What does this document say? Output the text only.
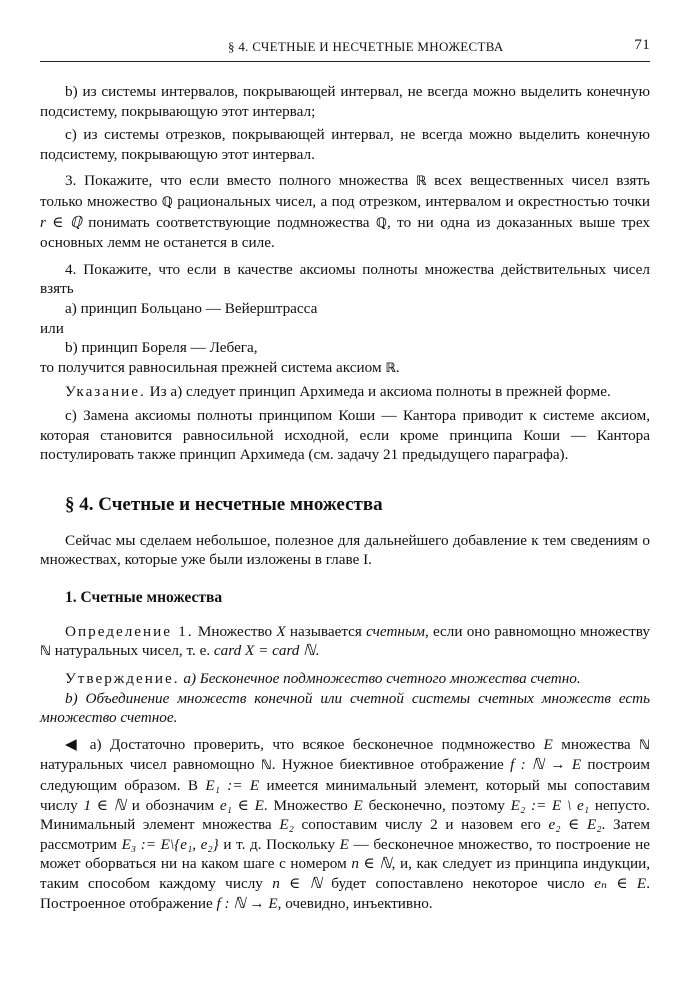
§ 4. СЧЕТНЫЕ И НЕСЧЕТНЫЕ МНОЖЕСТВА	71

b) из системы интервалов, покрывающей интервал, не всегда можно выделить конечную подсистему, покрывающую этот интервал;

c) из системы отрезков, покрывающей интервал, не всегда можно выделить конечную подсистему, покрывающую этот интервал.

3. Покажите, что если вместо полного множества ℝ всех вещественных чисел взять только множество ℚ рациональных чисел, а под отрезком, интервалом и окрестностью точки r ∈ ℚ понимать соответствующие подмножества ℚ, то ни одна из доказанных выше трех основных лемм не останется в силе.

4. Покажите, что если в качестве аксиомы полноты множества действительных чисел взять

a) принцип Больцано — Вейерштрасса

или

b) принцип Бореля — Лебега,

то получится равносильная прежней система аксиом ℝ.

Указание. Из a) следует принцип Архимеда и аксиома полноты в прежней форме.

c) Замена аксиомы полноты принципом Коши — Кантора приводит к системе аксиом, которая становится равносильной исходной, если кроме принципа Коши — Кантора постулировать также принцип Архимеда (см. задачу 21 предыдущего параграфа).

§ 4. Счетные и несчетные множества

Сейчас мы сделаем небольшое, полезное для дальнейшего добавление к тем сведениям о множествах, которые уже были изложены в главе I.

1. Счетные множества

Определение 1. Множество X называется счетным, если оно равномощно множеству ℕ натуральных чисел, т. е. card X = card ℕ.

Утверждение. a) Бесконечное подмножество счетного множества счетно.

b) Объединение множеств конечной или счетной системы счетных множеств есть множество счетное.

◀ a) Достаточно проверить, что всякое бесконечное подмножество E множества ℕ натуральных чисел равномощно ℕ. Нужное биективное отображение f : ℕ → E построим следующим образом. В E₁ := E имеется минимальный элемент, который мы сопоставим числу 1 ∈ ℕ и обозначим e₁ ∈ E. Множество E бесконечно, поэтому E₂ := E \ e₁ непусто. Минимальный элемент множества E₂ сопоставим числу 2 и назовем его e₂ ∈ E₂. Затем рассмотрим E₃ := E\{e₁, e₂} и т. д. Поскольку E — бесконечное множество, то построение не может оборваться ни на каком шаге с номером n ∈ ℕ, и, как следует из принципа индукции, таким способом каждому числу n ∈ ℕ будет сопоставлено некоторое число eₙ ∈ E. Построенное отображение f : ℕ → E, очевидно, инъективно.
